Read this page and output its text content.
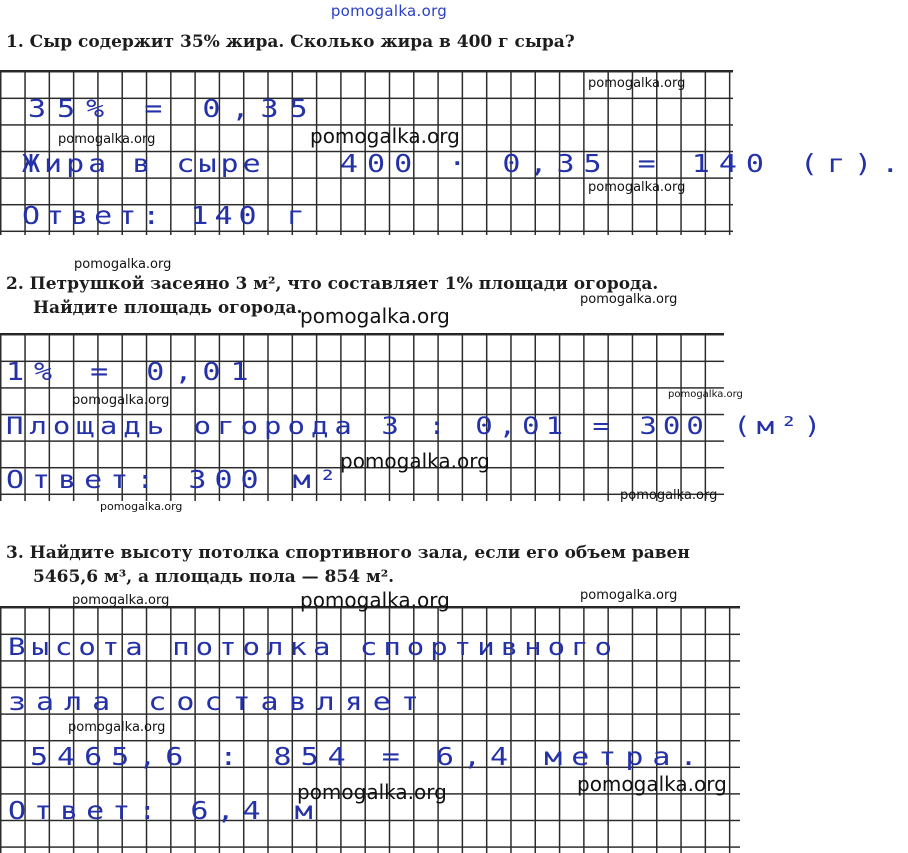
pomogalka.org
1. Сыр содержит 35% жира. Сколько жира в 400 г сыра?
35% = 0,35
Жира в сыре	400 · 0,35 = 140 (г).
Ответ: 140 г
2. Петрушкой засеяно 3 м², что составляет 1% площади огорода.
Найдите площадь огорода.
1% = 0,01
Площадь огорода 3 : 0,01 = 300 (м²)
Ответ: 300 м²
3. Найдите высоту потолка спортивного зала, если его объем равен
5465,6 м³, а площадь пола — 854 м².
Высота потолка спортивного
зала составляет
5465,6 : 854 = 6,4 метра.
Ответ: 6,4 м
pomogalka.org
pomogalka.org	pomogalka.org
pomogalka.org
pomogalka.org
pomogalka.org
pomogalka.org
pomogalka.org	pomogalka.org
pomogalka.org
pomogalka.org
pomogalka.org
pomogalka.org	pomogalka.org	pomogalka.org
pomogalka.org
pomogalka.org
pomogalka.org
